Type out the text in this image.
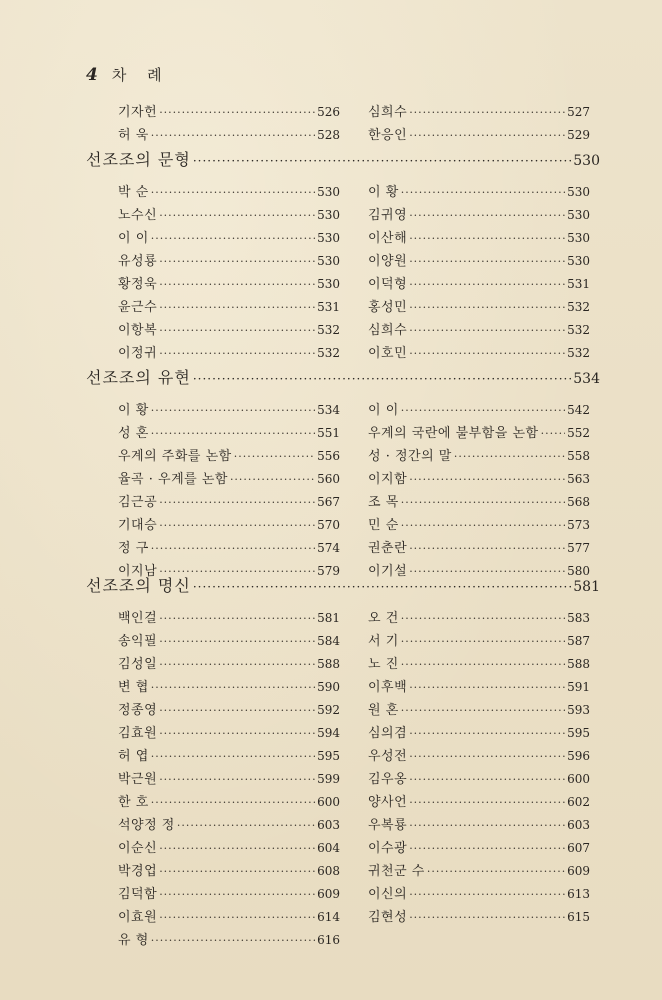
4 차 례
기자헌 ·····	526 심희수 ·····	527
허 욱 ·····	528 한응인 ·····	529
선조조의 문형 ·····	530
박 순 ·····	530 이 황 ·····	530
노수신 ·····	530 김귀영 ·····	530
이 이 ·····	530 이산해 ·····	530
유성룡 ·····	530 이양원 ·····	530
황정욱 ·····	530 이덕형 ·····	531
윤근수 ·····	531 홍성민 ·····	532
이항복 ·····	532 심희수 ·····	532
이정귀 ·····	532 이호민 ·····	532
선조조의 유현 ·····	534
이 황 ·····	534 이 이 ·····	542
성 혼 ·····	551 우계의 국란에 불부함을 논함 ····· 552
우계의 주화를 논함 ·····	556 성 · 정간의 말 ·····	558
율곡 · 우계를 논함 ·····	560 이지함 ·····	563
김근공 ·····	567 조 목 ·····	568
기대승 ·····	570 민 순 ·····	573
정 구 ·····	574 권춘란 ·····	577
이지남 ·····	579 이기설 ·····	580
선조조의 명신 ·····	581
백인걸 ·····	581 오 건 ·····	583
송익필 ·····	584 서 기 ·····	587
김성일 ·····	588 노 진 ·····	588
변 협 ·····	590 이후백 ·····	591
정종영 ·····	592 원 혼 ·····	593
김효원 ·····	594 심의겸 ·····	595
허 엽 ·····	595 우성전 ·····	596
박근원 ·····	599 김우옹 ·····	600
한 호 ·····	600 양사언 ·····	602
석양정 정 ·····	603 우복룡 ·····	603
이순신 ·····	604 이수광 ·····	607
박경업 ·····	608 귀천군 수 ·····	609
김덕함 ·····	609 이신의 ·····	613
이효원 ·····	614 김현성 ·····	615
유 형 ·····	616
